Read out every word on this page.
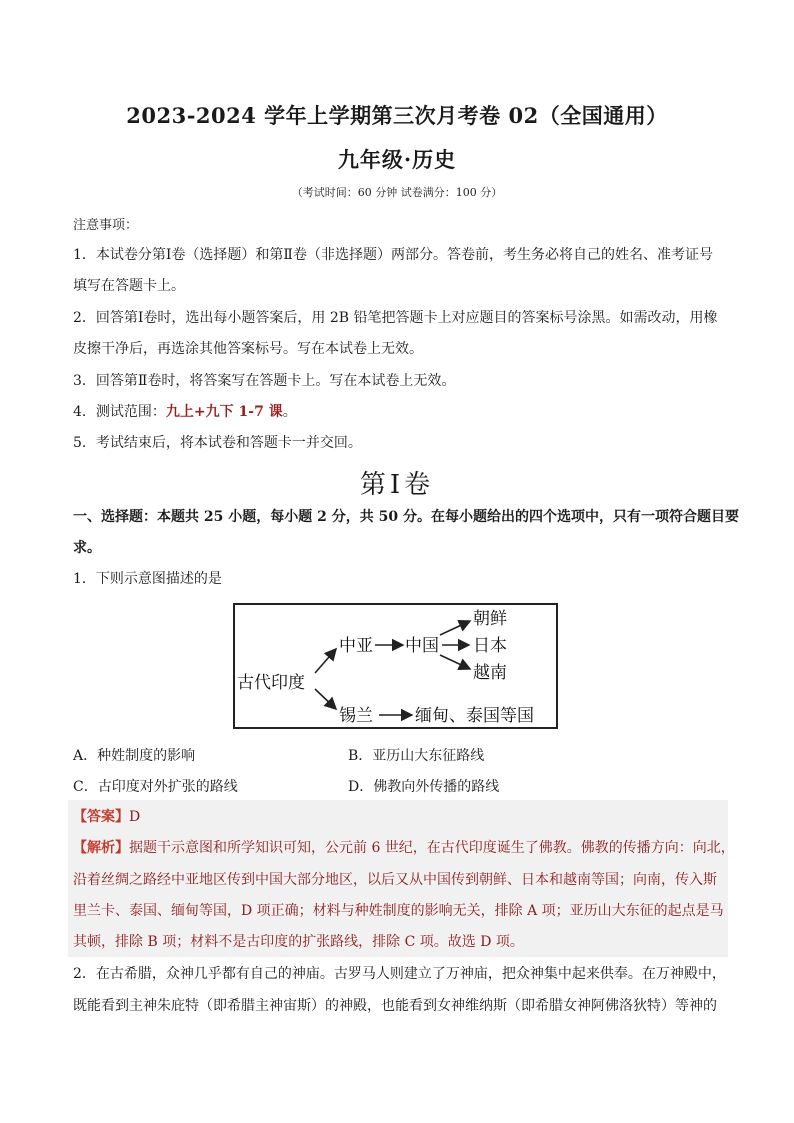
2023-2024 学年上学期第三次月考卷 02（全国通用）
九年级·历史
（考试时间：60 分钟 试卷满分：100 分）
注意事项：
1．本试卷分第Ⅰ卷（选择题）和第Ⅱ卷（非选择题）两部分。答卷前，考生务必将自己的姓名、准考证号
填写在答题卡上。
2．回答第Ⅰ卷时，选出每小题答案后，用 2B 铅笔把答题卡上对应题目的答案标号涂黑。如需改动，用橡
皮擦干净后，再选涂其他答案标号。写在本试卷上无效。
3．回答第Ⅱ卷时，将答案写在答题卡上。写在本试卷上无效。
4．测试范围：九上+九下 1-7 课。
5．考试结束后，将本试卷和答题卡一并交回。
第Ⅰ卷
一、选择题：本题共 25 小题，每小题 2 分，共 50 分。在每小题给出的四个选项中，只有一项符合题目要
求。
1．下则示意图描述的是
古代印度
中亚 中国
朝鲜
日本
越南
锡兰 缅甸、泰国等国
A．种姓制度的影响	B．亚历山大东征路线
C．古印度对外扩张的路线	D．佛教向外传播的路线
【答案】D
【解析】据题干示意图和所学知识可知，公元前 6 世纪，在古代印度诞生了佛教。佛教的传播方向：向北，
沿着丝绸之路经中亚地区传到中国大部分地区，以后又从中国传到朝鲜、日本和越南等国；向南，传入斯
里兰卡、泰国、缅甸等国，D 项正确；材料与种姓制度的影响无关，排除 A 项；亚历山大东征的起点是马
其顿，排除 B 项；材料不是古印度的扩张路线，排除 C 项。故选 D 项。
2．在古希腊，众神几乎都有自己的神庙。古罗马人则建立了万神庙，把众神集中起来供奉。在万神殿中，
既能看到主神朱庇特（即希腊主神宙斯）的神殿，也能看到女神维纳斯（即希腊女神阿佛洛狄特）等神的
